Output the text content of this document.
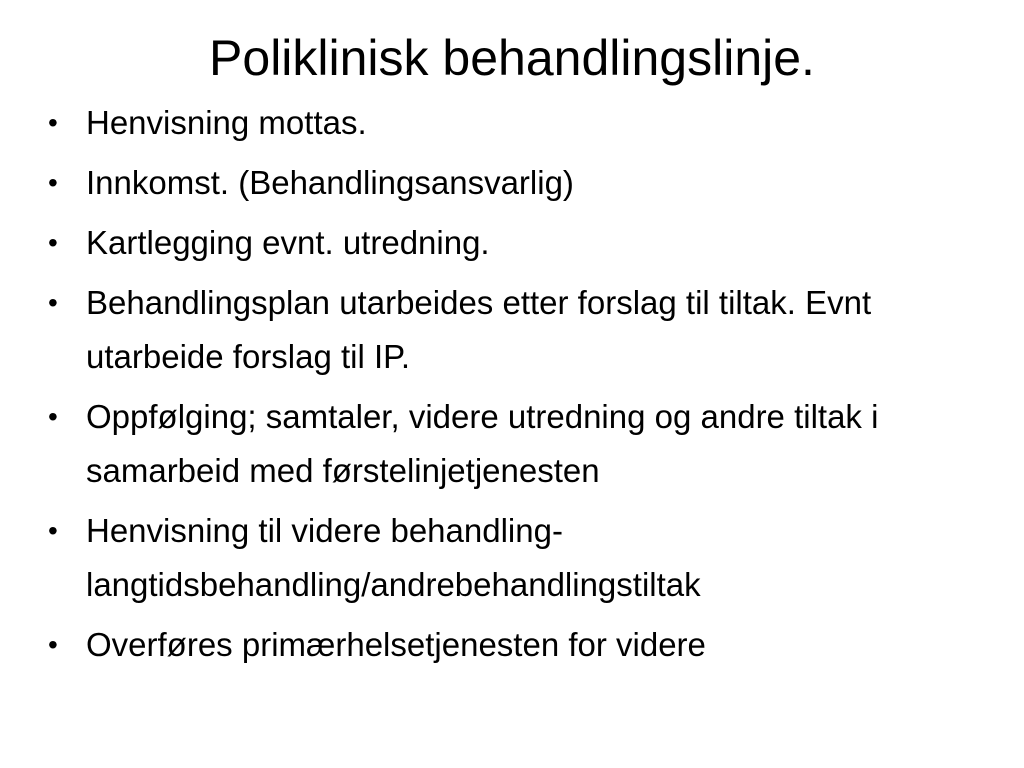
Poliklinisk behandlingslinje.
• Henvisning mottas.
• Innkomst. (Behandlingsansvarlig)
• Kartlegging evnt. utredning.
• Behandlingsplan utarbeides etter forslag til tiltak. Evnt utarbeide forslag til IP.
• Oppfølging; samtaler, videre utredning og andre tiltak i samarbeid med førstelinjetjenesten
• Henvisning til videre behandling- langtidsbehandling/andrebehandlingstiltak
• Overføres primærhelsetjenesten for videre
